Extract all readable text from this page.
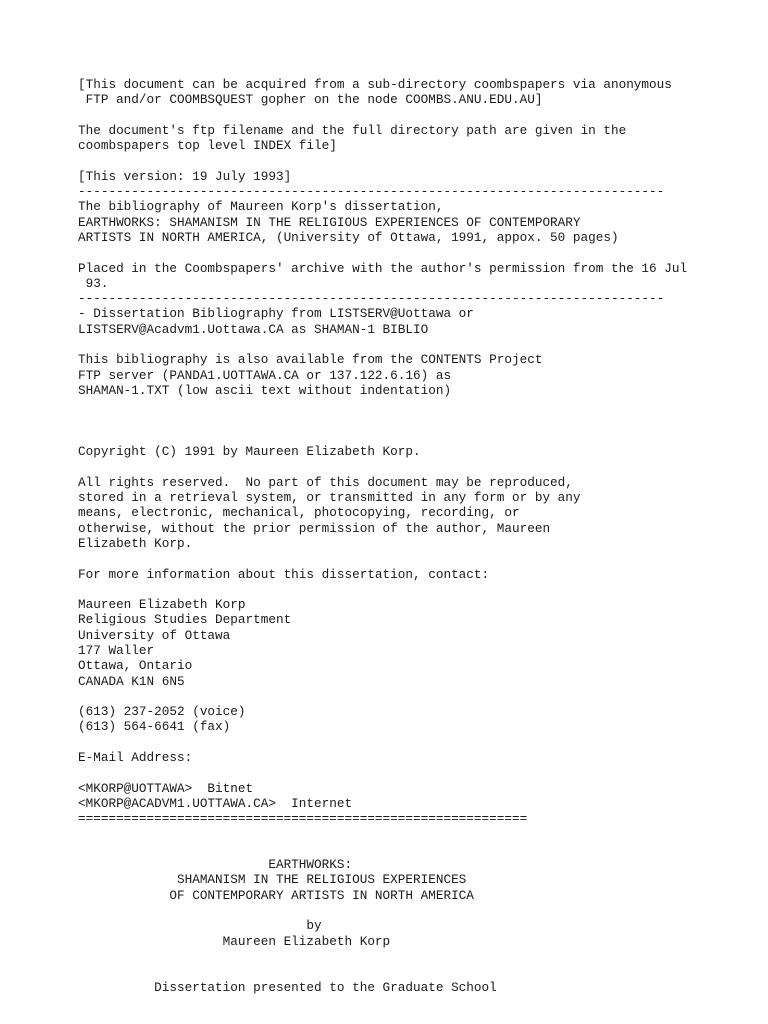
[This document can be acquired from a sub-directory coombspapers via anonymous
FTP and/or COOMBSQUEST gopher on the node COOMBS.ANU.EDU.AU]

The document's ftp filename and the full directory path are given in the
coombspapers top level INDEX file]

[This version: 19 July 1993]
-----------------------------------------------------------------------------
The bibliography of Maureen Korp's dissertation,
EARTHWORKS: SHAMANISM IN THE RELIGIOUS EXPERIENCES OF CONTEMPORARY
ARTISTS IN NORTH AMERICA, (University of Ottawa, 1991, appox. 50 pages)

Placed in the Coombspapers' archive with the author's permission from the 16 Jul
93.
-----------------------------------------------------------------------------
- Dissertation Bibliography from LISTSERV@Uottawa or
LISTSERV@Acadvm1.Uottawa.CA as SHAMAN-1 BIBLIO

This bibliography is also available from the CONTENTS Project
FTP server (PANDA1.UOTTAWA.CA or 137.122.6.16) as
SHAMAN-1.TXT (low ascii text without indentation)

Copyright (C) 1991 by Maureen Elizabeth Korp.

All rights reserved.  No part of this document may be reproduced,
stored in a retrieval system, or transmitted in any form or by any
means, electronic, mechanical, photocopying, recording, or
otherwise, without the prior permission of the author, Maureen
Elizabeth Korp.

For more information about this dissertation, contact:

Maureen Elizabeth Korp
Religious Studies Department
University of Ottawa
177 Waller
Ottawa, Ontario
CANADA K1N 6N5

(613) 237-2052 (voice)
(613) 564-6641 (fax)

E-Mail Address:

<MKORP@UOTTAWA>  Bitnet
<MKORP@ACADVM1.UOTTAWA.CA>  Internet
===========================================================

EARTHWORKS:
SHAMANISM IN THE RELIGIOUS EXPERIENCES
OF CONTEMPORARY ARTISTS IN NORTH AMERICA

by
Maureen Elizabeth Korp

Dissertation presented to the Graduate School
